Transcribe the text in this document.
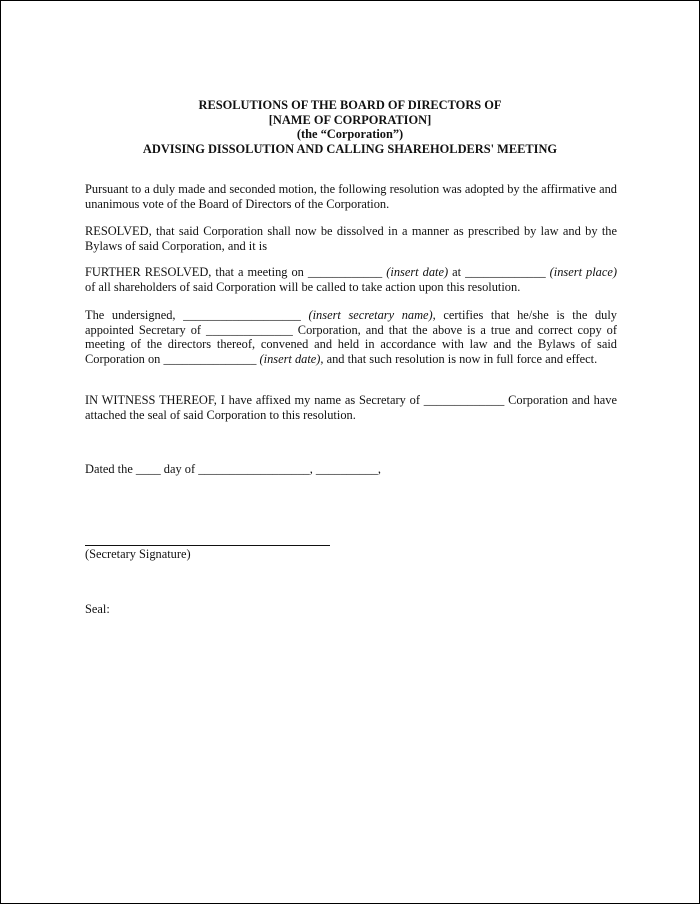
RESOLUTIONS OF THE BOARD OF DIRECTORS OF
[NAME OF CORPORATION]
(the “Corporation”)
ADVISING DISSOLUTION AND CALLING SHAREHOLDERS' MEETING
Pursuant to a duly made and seconded motion, the following resolution was adopted by the affirmative and unanimous vote of the Board of Directors of the Corporation.
RESOLVED, that said Corporation shall now be dissolved in a manner as prescribed by law and by the Bylaws of said Corporation, and it is
FURTHER RESOLVED, that a meeting on ____________ (insert date) at _____________ (insert place) of all shareholders of said Corporation will be called to take action upon this resolution.
The undersigned, ___________________ (insert secretary name), certifies that he/she is the duly appointed Secretary of ______________ Corporation, and that the above is a true and correct copy of meeting of the directors thereof, convened and held in accordance with law and the Bylaws of said Corporation on _______________ (insert date), and that such resolution is now in full force and effect.
IN WITNESS THEREOF, I have affixed my name as Secretary of _____________ Corporation and have attached the seal of said Corporation to this resolution.
Dated the ____ day of __________________, __________,
(Secretary Signature)
Seal:
